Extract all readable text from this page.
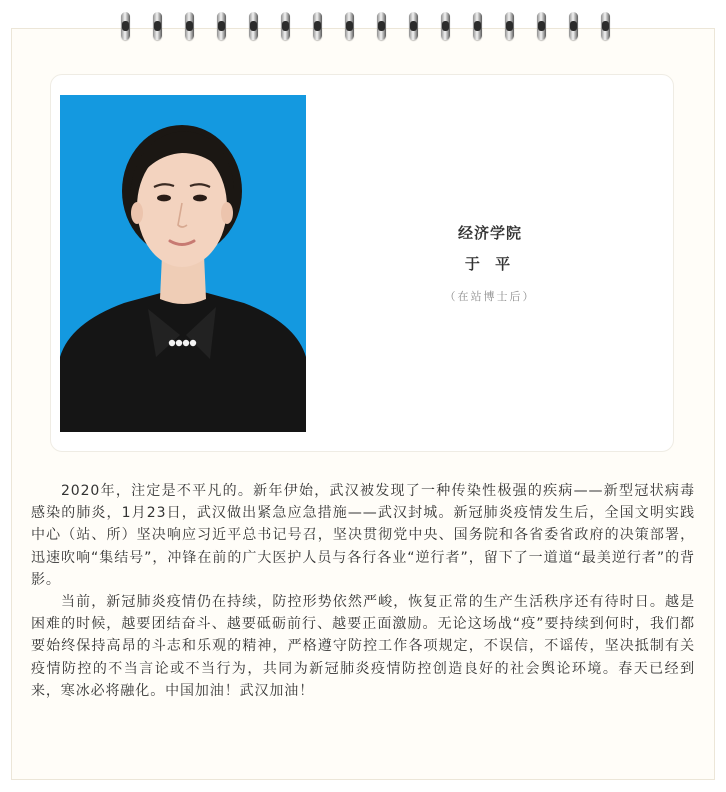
经济学院
于 平
（在站博士后）

2020年，注定是不平凡的。新年伊始，武汉被发现了一种传染性极强的疾病——新型冠状病毒感染的肺炎，1月23日，武汉做出紧急应急措施——武汉封城。新冠肺炎疫情发生后，全国文明实践中心（站、所）坚决响应习近平总书记号召，坚决贯彻党中央、国务院和各省委省政府的决策部署，迅速吹响“集结号”，冲锋在前的广大医护人员与各行各业“逆行者”，留下了一道道“最美逆行者”的背影。

当前，新冠肺炎疫情仍在持续，防控形势依然严峻，恢复正常的生产生活秩序还有待时日。越是困难的时候，越要团结奋斗、越要砥砺前行、越要正面激励。无论这场战“疫”要持续到何时，我们都要始终保持高昂的斗志和乐观的精神，严格遵守防控工作各项规定，不误信，不谣传，坚决抵制有关疫情防控的不当言论或不当行为，共同为新冠肺炎疫情防控创造良好的社会舆论环境。春天已经到来，寒冰必将融化。中国加油！武汉加油！
